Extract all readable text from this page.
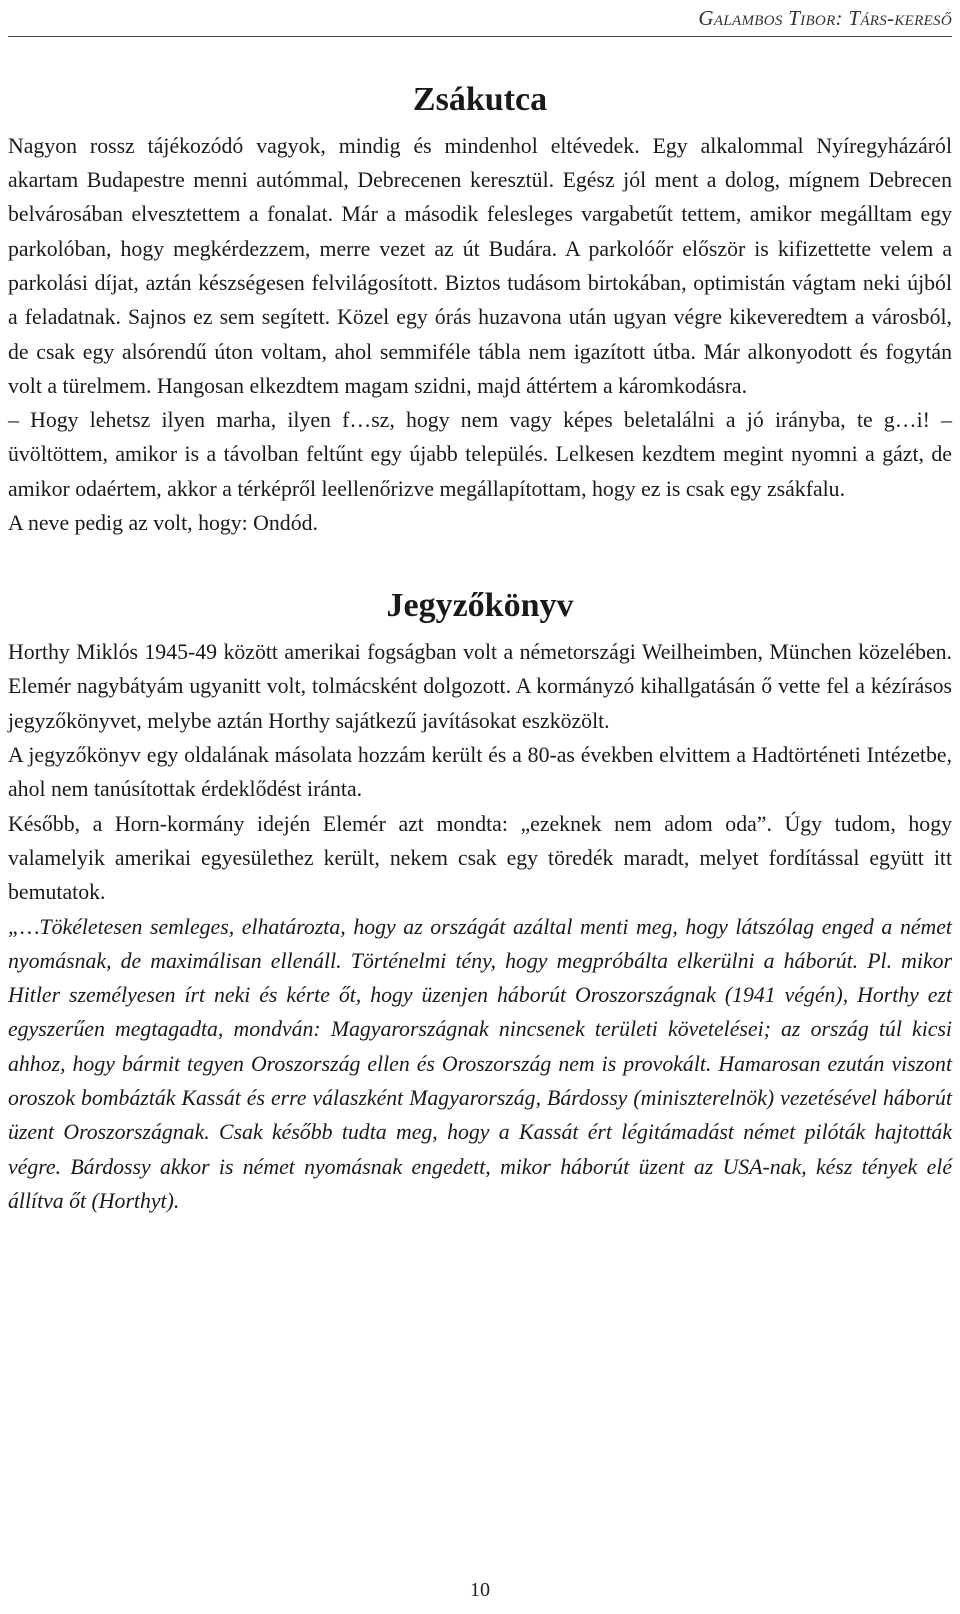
Galambos Tibor: Társ-kereső
Zsákutca

Nagyon rossz tájékozódó vagyok, mindig és mindenhol eltévedek. Egy alkalommal Nyíregyházáról akartam Budapestre menni autómmal, Debrecenen keresztül. Egész jól ment a dolog, mígnem Debrecen belvárosában elvesztettem a fonalat. Már a második felesleges vargabetűt tettem, amikor megálltam egy parkolóban, hogy megkérdezzem, merre vezet az út Budára. A parkolóőr először is kifizettette velem a parkolási díjat, aztán készségesen felvilágosított. Biztos tudásom birtokában, optimistán vágtam neki újból a feladatnak. Sajnos ez sem segített. Közel egy órás huzavona után ugyan végre kikeveredtem a városból, de csak egy alsórendű úton voltam, ahol semmiféle tábla nem igazított útba. Már alkonyodott és fogytán volt a türelmem. Hangosan elkezdtem magam szidni, majd áttértem a káromkodásra.

– Hogy lehetsz ilyen marha, ilyen f…sz, hogy nem vagy képes beletalálni a jó irányba, te g…i! – üvöltöttem, amikor is a távolban feltűnt egy újabb település. Lelkesen kezdtem megint nyomni a gázt, de amikor odaértem, akkor a térképről leellenőrizve megállapítottam, hogy ez is csak egy zsákfalu.

A neve pedig az volt, hogy: Ondód.

Jegyzőkönyv

Horthy Miklós 1945-49 között amerikai fogságban volt a németországi Weilheimben, München közelében. Elemér nagybátyám ugyanitt volt, tolmácsként dolgozott. A kormányzó kihallgatásán ő vette fel a kézírásos jegyzőkönyvet, melybe aztán Horthy sajátkezű javításokat eszközölt.

A jegyzőkönyv egy oldalának másolata hozzám került és a 80-as években elvittem a Hadtörténeti Intézetbe, ahol nem tanúsítottak érdeklődést iránta.

Később, a Horn-kormány idején Elemér azt mondta: „ezeknek nem adom oda”. Úgy tudom, hogy valamelyik amerikai egyesülethez került, nekem csak egy töredék maradt, melyet fordítással együtt itt bemutatok.

„…Tökéletesen semleges, elhatározta, hogy az országát azáltal menti meg, hogy látszólag enged a német nyomásnak, de maximálisan ellenáll. Történelmi tény, hogy megpróbálta elkerülni a háborút. Pl. mikor Hitler személyesen írt neki és kérte őt, hogy üzenjen háborút Oroszországnak (1941 végén), Horthy ezt egyszerűen megtagadta, mondván: Magyarországnak nincsenek területi követelései; az ország túl kicsi ahhoz, hogy bármit tegyen Oroszország ellen és Oroszország nem is provokált. Hamarosan ezután viszont oroszok bombázták Kassát és erre válaszként Magyarország, Bárdossy (miniszterelnök) vezetésével háborút üzent Oroszországnak. Csak később tudta meg, hogy a Kassát ért légitámadást német pilóták hajtották végre. Bárdossy akkor is német nyomásnak engedett, mikor háborút üzent az USA-nak, kész tények elé állítva őt (Horthyt).

10
